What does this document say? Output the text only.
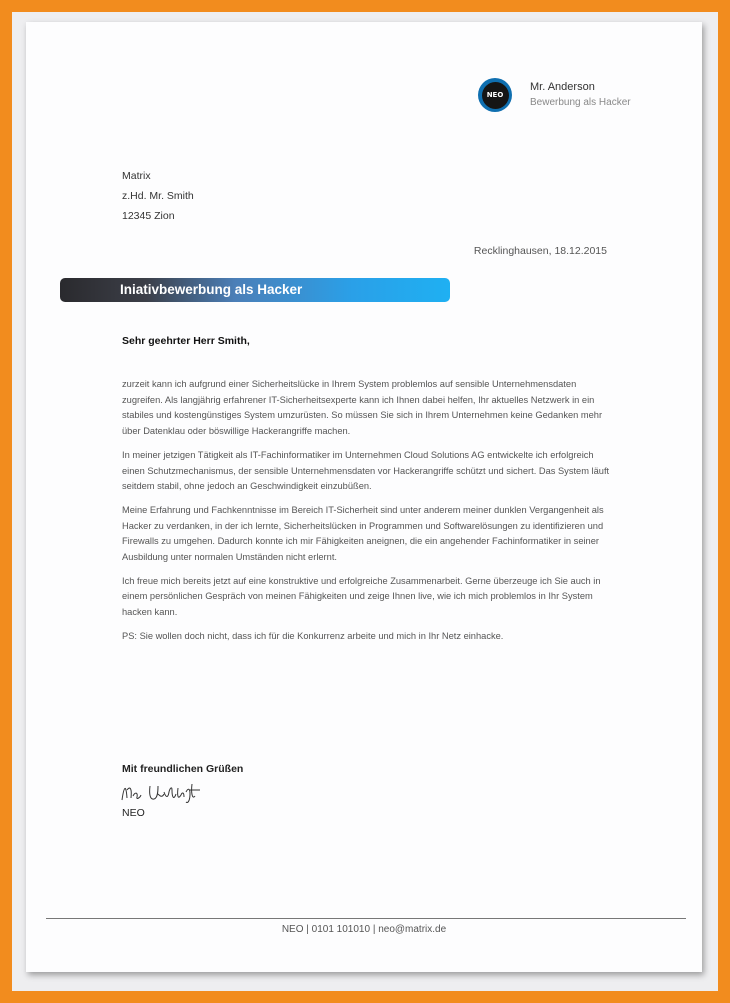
NEO
Mr. Anderson
Bewerbung als Hacker
Matrix
z.Hd. Mr. Smith
12345 Zion
Recklinghausen, 18.12.2015
Iniativbewerbung als Hacker
Sehr geehrter Herr Smith,

zurzeit kann ich aufgrund einer Sicherheitslücke in Ihrem System problemlos auf sensible Unternehmensdaten zugreifen. Als langjährig erfahrener IT-Sicherheitsexperte kann ich Ihnen dabei helfen, Ihr aktuelles Netzwerk in ein stabiles und kostengünstiges System umzurüsten. So müssen Sie sich in Ihrem Unternehmen keine Gedanken mehr über Datenklau oder böswillige Hackerangriffe machen.

In meiner jetzigen Tätigkeit als IT-Fachinformatiker im Unternehmen Cloud Solutions AG entwickelte ich erfolgreich einen Schutzmechanismus, der sensible Unternehmensdaten vor Hackerangriffe schützt und sichert. Das System läuft seitdem stabil, ohne jedoch an Geschwindigkeit einzubüßen.

Meine Erfahrung und Fachkenntnisse im Bereich IT-Sicherheit sind unter anderem meiner dunklen Vergangenheit als Hacker zu verdanken, in der ich lernte, Sicherheitslücken in Programmen und Softwarelösungen zu identifizieren und Firewalls zu umgehen. Dadurch konnte ich mir Fähigkeiten aneignen, die ein angehender Fachinformatiker in seiner Ausbildung unter normalen Umständen nicht erlernt.

Ich freue mich bereits jetzt auf eine konstruktive und erfolgreiche Zusammenarbeit. Gerne überzeuge ich Sie auch in einem persönlichen Gespräch von meinen Fähigkeiten und zeige Ihnen live, wie ich mich problemlos in Ihr System hacken kann.

PS: Sie wollen doch nicht, dass ich für die Konkurrenz arbeite und mich in Ihr Netz einhacke.

Mit freundlichen Grüßen
NEO
NEO | 0101 101010 | neo@matrix.de
